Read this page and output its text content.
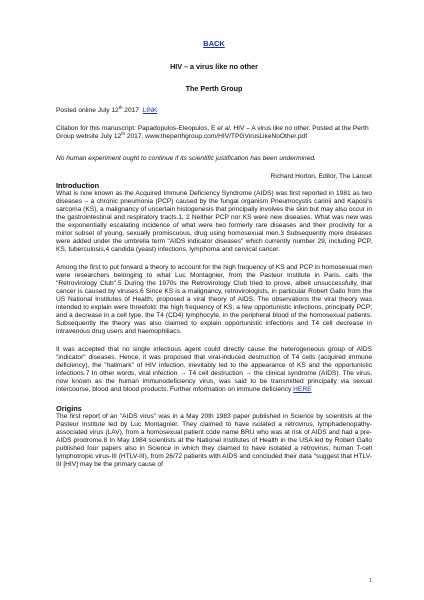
BACK

HIV – a virus like no other

The Perth Group

Posted online July 12th 2017 LINK

Citation for this manuscript: Papadopulos-Eleopulos, E et al. HIV – A virus like no other. Posted at the Perth Group website July 12th 2017. www.theperthgroup.com/HIV/TPGVirusLikeNoOther.pdf

No human experiment ought to continue if its scientific justification has been undermined.

Richard Horton, Editor, The Lancet

Introduction

What is now known as the Acquired Immune Deficiency Syndrome (AIDS) was first reported in 1981 as two diseases – a chronic pneumonia (PCP) caused by the fungal organism Pneumocystis carinii and Kaposi's sarcoma (KS), a malignancy of uncertain histogenesis that principally involves the skin but may also occur in the gastrointestinal and respiratory tracts.1, 2 Neither PCP nor KS were new diseases. What was new was the exponentially escalating incidence of what were two formerly rare diseases and their proclivity for a minor subset of young, sexually promiscuous, drug using homosexual men.3 Subsequently more diseases were added under the umbrella term "AIDS indicator diseases" which currently number 29, including PCP, KS, tuberculosis,4 candida (yeast) infections, lymphoma and cervical cancer.

Among the first to put forward a theory to account for the high frequency of KS and PCP in homosexual men were researchers belonging to what Luc Montagnier, from the Pasteur Institute in Paris, calls the "Retrovirology Club".5 During the 1970s the Retrovirology Club tried to prove, albeit unsuccessfully, that cancer is caused by viruses.6 Since KS is a malignancy, retrovirologists, in particular Robert Gallo from the US National Institutes of Health, proposed a viral theory of AIDS. The observations the viral theory was intended to explain were threefold: the high frequency of KS; a few opportunistic infections, principally PCP; and a decrease in a cell type, the T4 (CD4) lymphocyte, in the peripheral blood of the homosexual patients. Subsequently the theory was also claimed to explain opportunistic infections and T4 cell decrease in intravenous drug users and haemophiliacs.

It was accepted that no single infectious agent could directly cause the heterogeneous group of AIDS "indicator" diseases. Hence, it was proposed that viral-induced destruction of T4 cells (acquired immune deficiency), the "hallmark" of HIV infection, inevitably led to the appearance of KS and the opportunistic infections.7 In other words, viral infection → T4 cell destruction → the clinical syndrome (AIDS). The virus, now known as the human immunodeficiency virus, was said to be transmitted principally via sexual intercourse, blood and blood products. Further information on immune deficiency HERE

Origins

The first report of an "AIDS virus" was in a May 20th 1983 paper published in Science by scientists at the Pasteur Institute led by Luc Montagnier. They claimed to have isolated a retrovirus, lymphadenopathy-associated virus (LAV), from a homosexual patient code name BRU who was at risk of AIDS and had a pre-AIDS prodrome.8 In May 1984 scientists at the National Institutes of Health in the USA led by Robert Gallo published four papers also in Science in which they claimed to have isolated a retrovirus, human T-cell lymphotropic virus-III (HTLV-III), from 26/72 patients with AIDS and concluded their data "suggest that HTLV-III [HIV] may be the primary cause of

1
